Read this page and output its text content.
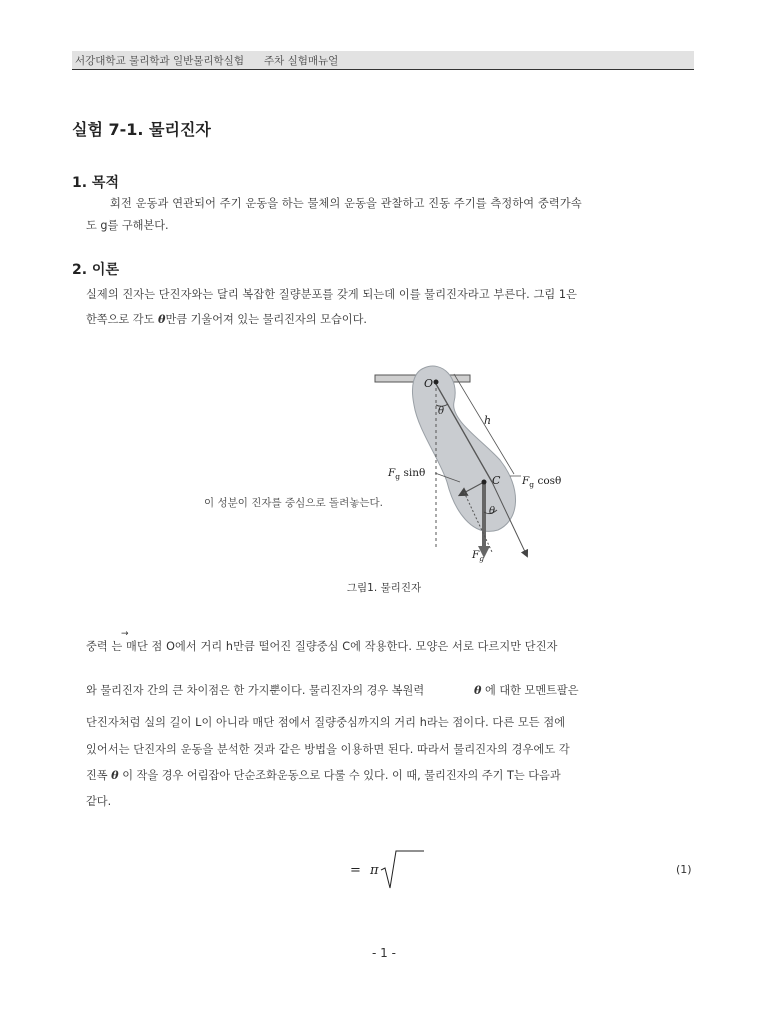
서강대학교 물리학과 일반물리학실험      주차 실험매뉴얼
실험 7-1. 물리진자
1. 목적
회전 운동과 연관되어 주기 운동을 하는 물체의 운동을 관찰하고 진동 주기를 측정하여 중력가속
도 g를 구해본다.
2. 이론
실제의 진자는 단진자와는 달리 복잡한 질량분포를 갖게 되는데 이를 물리진자라고 부른다. 그림 1은
한쪽으로 각도 θ만큼 기울어져 있는 물리진자의 모습이다.
O
θ
h
C
$F_g$ sinθ
$F_g$ cosθ
θ
$F_g$
이 성분이 진자를 중심으로 돌려놓는다.
그림1. 물리진자
→
중력 는 매단 점 O에서 거리 h만큼 떨어진 질량중심 C에 작용한다. 모양은 서로 다르지만 단진자
와 물리진자 간의 큰 차이점은 한 가지뿐이다. 물리진자의 경우 복원력              θ 에 대한 모멘트팔은
단진자처럼 실의 길이 L이 아니라 매단 점에서 질량중심까지의 거리 h라는 점이다. 다른 모든 점에
있어서는 단진자의 운동을 분석한 것과 같은 방법을 이용하면 된다. 따라서 물리진자의 경우에도 각
진폭 θ 이 작을 경우 어림잡아 단순조화운동으로 다룰 수 있다. 이 때, 물리진자의 주기 T는 다음과
같다.
= π	(1)
- 1 -
